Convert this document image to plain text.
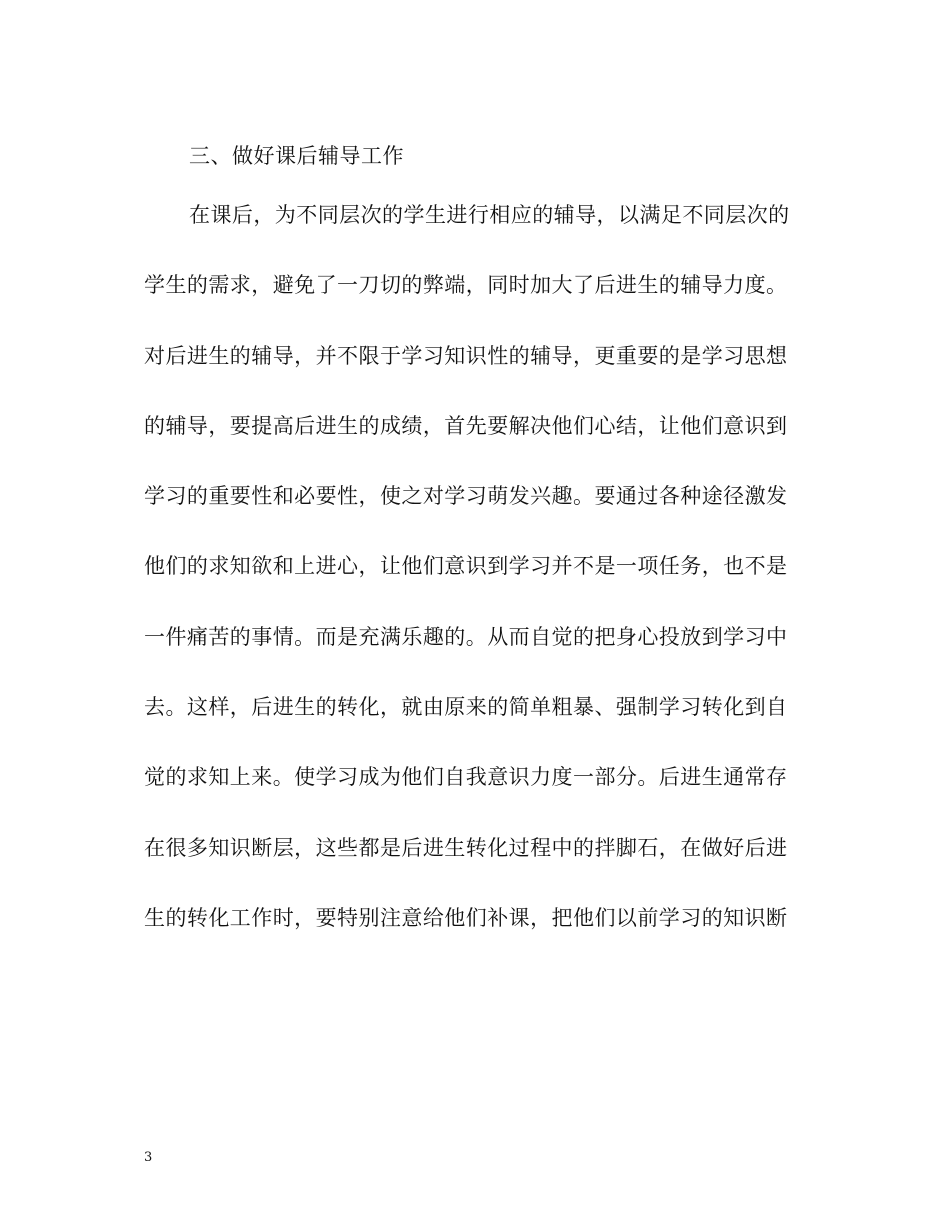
三、做好课后辅导工作
在课后，为不同层次的学生进行相应的辅导，以满足不同层次的
学生的需求，避免了一刀切的弊端，同时加大了后进生的辅导力度。
对后进生的辅导，并不限于学习知识性的辅导，更重要的是学习思想
的辅导，要提高后进生的成绩，首先要解决他们心结，让他们意识到
学习的重要性和必要性，使之对学习萌发兴趣。要通过各种途径激发
他们的求知欲和上进心，让他们意识到学习并不是一项任务，也不是
一件痛苦的事情。而是充满乐趣的。从而自觉的把身心投放到学习中
去。这样，后进生的转化，就由原来的简单粗暴、强制学习转化到自
觉的求知上来。使学习成为他们自我意识力度一部分。后进生通常存
在很多知识断层，这些都是后进生转化过程中的拌脚石，在做好后进
生的转化工作时，要特别注意给他们补课，把他们以前学习的知识断
3
